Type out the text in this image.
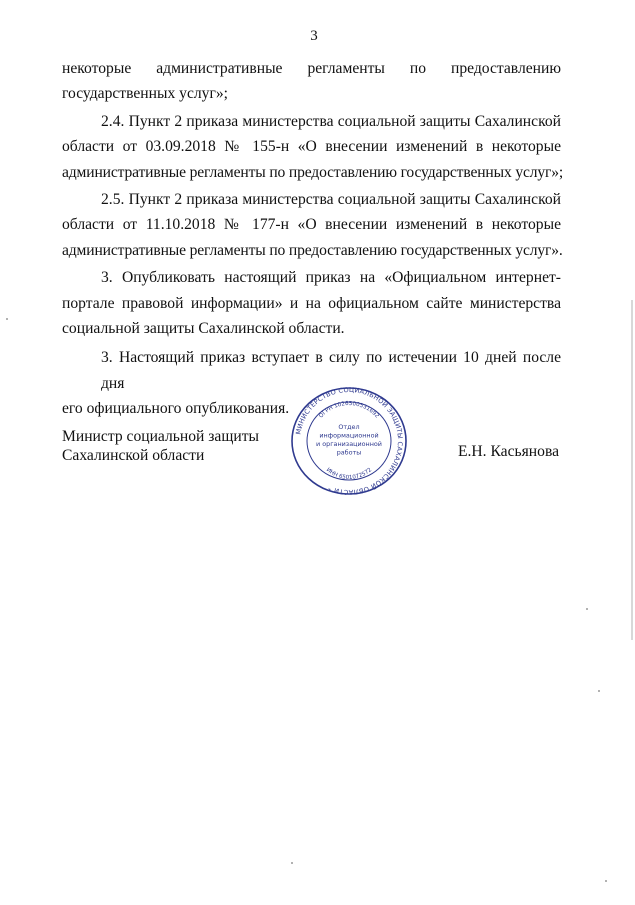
3

некоторые административные регламенты по предоставлению
государственных услуг»;

2.4. Пункт 2 приказа министерства социальной защиты Сахалинской
области от 03.09.2018 № 155-н «О внесении изменений в некоторые
административные регламенты по предоставлению государственных услуг»;

2.5. Пункт 2 приказа министерства социальной защиты Сахалинской
области от 11.10.2018 № 177-н «О внесении изменений в некоторые
административные регламенты по предоставлению государственных услуг».

3. Опубликовать настоящий приказ на «Официальном интернет-
портале правовой информации» и на официальном сайте министерства
социальной защиты Сахалинской области.

3. Настоящий приказ вступает в силу по истечении 10 дней после дня
его официального опубликования.

Министр социальной защиты
Сахалинской области	Е.Н. Касьянова
МИНИСТЕРСТВО СОЦИАЛЬНОЙ ЗАЩИТЫ САХАЛИНСКОЙ ОБЛАСТИ *
ОГРН 1026500531692
ИНН 6501072572
Отдел
информационной
и организационной
работы
